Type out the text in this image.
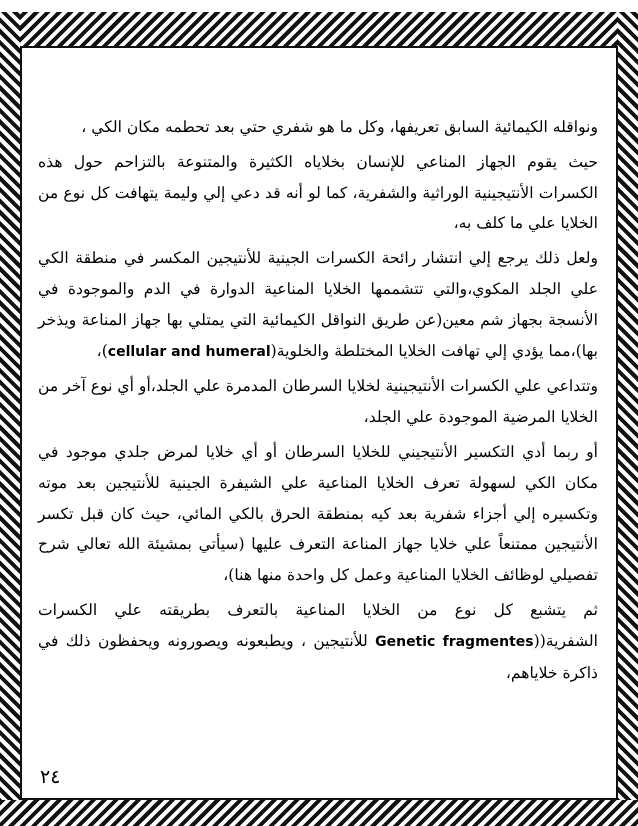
ونواقله الكيمائية السابق تعريفها، وكل ما هو شفري حتي بعد تحطمه مكان الكي ،

حيث يقوم الجهاز المناعي للإنسان بخلاياه الكثيرة والمتنوعة بالتزاحم حول هذه الكسرات الأنتيجينية الوراثية والشفرية، كما لو أنه قد دعي إلي وليمة يتهافت كل نوع من الخلايا علي ما كلف به،

ولعل ذلك يرجع إلي انتشار رائحة الكسرات الجينية للأنتيجين المكسر في منطقة الكي علي الجلد المكوي،والتي تتشممها الخلايا المناعية الدوارة في الدم والموجودة في الأنسجة بجهاز شم معين(عن طريق النواقل الكيمائية التي يمتلي بها جهاز المناعة ويذخر بها)،مما يؤدي إلي تهافت الخلايا المختلطة والخلوية(cellular and humeral)،

وتتداعي علي الكسرات الأنتيجينية لخلايا السرطان المدمرة علي الجلد،أو أي نوع آخر من الخلايا المرضية الموجودة علي الجلد،

أو ربما أدي التكسير الأنتيجيني للخلايا السرطان أو أي خلايا لمرض جلدي موجود في مكان الكي لسهولة تعرف الخلايا المناعية علي الشيفرة الجينية للأنتيجين بعد موته وتكسيره إلي أجزاء شفرية بعد كيه بمنطقة الحرق بالكي المائي، حيث كان قبل تكسر الأنتيجين ممتنعاً علي خلايا جهاز المناعة التعرف عليها (سيأتي بمشيئة الله تعالي شرح تفصيلي لوظائف الخلايا المناعية وعمل كل واحدة منها هنا)،

ثم يتشبع كل نوع من الخلايا المناعية بالتعرف بطريقته علي الكسرات الشفرية((Genetic fragmentes للأنتيجين ، ويطبعونه ويصورونه ويحفظون ذلك في ذاكرة خلاياهم،

٢٤
